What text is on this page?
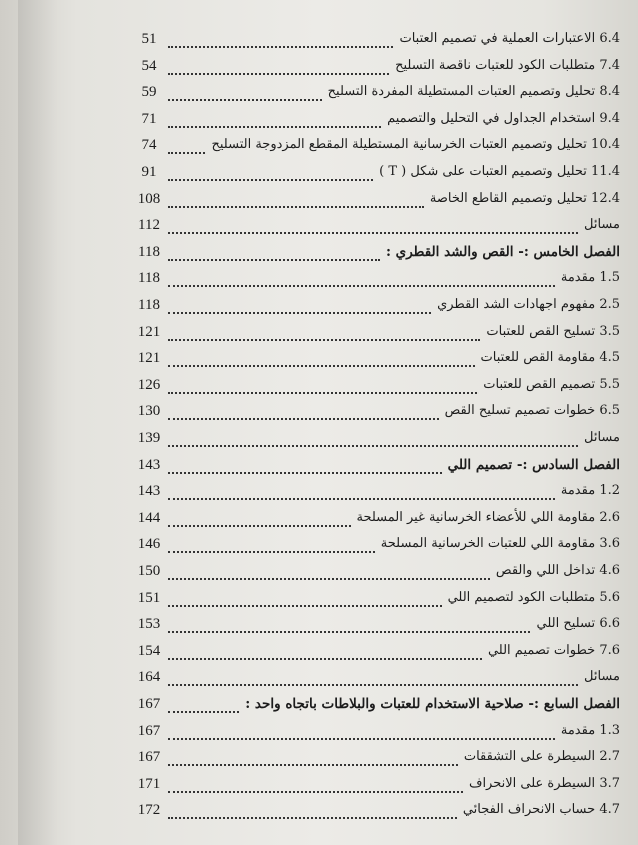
51	6.4 الاعتبارات العملية في تصميم العتبات
54	7.4 متطلبات الكود للعتبات ناقصة التسليح
59	8.4 تحليل وتصميم العتبات المستطيلة المفردة التسليح
71	9.4 استخدام الجداول في التحليل والتصميم
74	10.4 تحليل وتصميم العتبات الخرسانية المستطيلة المقطع المزدوجة التسليح
91	11.4 تحليل وتصميم العتبات على شكل ( T )
108	12.4 تحليل وتصميم القاطع الخاصة
112	مسائل
118	الفصل الخامس :- القص والشد القطري :
118	1.5 مقدمة
118	2.5 مفهوم اجهادات الشد القطري
121	3.5 تسليح القص للعتبات
121	4.5 مقاومة القص للعتبات
126	5.5 تصميم القص للعتبات
130	6.5 خطوات تصميم تسليح القص
139	مسائل
143	الفصل السادس :- تصميم اللي
143	1.2 مقدمة
144	2.6 مقاومة اللي للأعضاء الخرسانية غير المسلحة
146	3.6 مقاومة اللي للعتبات الخرسانية المسلحة
150	4.6 تداخل اللي والقص
151	5.6 متطلبات الكود لتصميم اللي
153	6.6 تسليح اللي
154	7.6 خطوات تصميم اللي
164	مسائل
167	الفصل السابع :- صلاحية الاستخدام للعتبات والبلاطات باتجاه واحد :
167	1.3 مقدمة
167	2.7 السيطرة على التشققات
171	3.7 السيطرة على الانحراف
172	4.7 حساب الانحراف الفجائي
